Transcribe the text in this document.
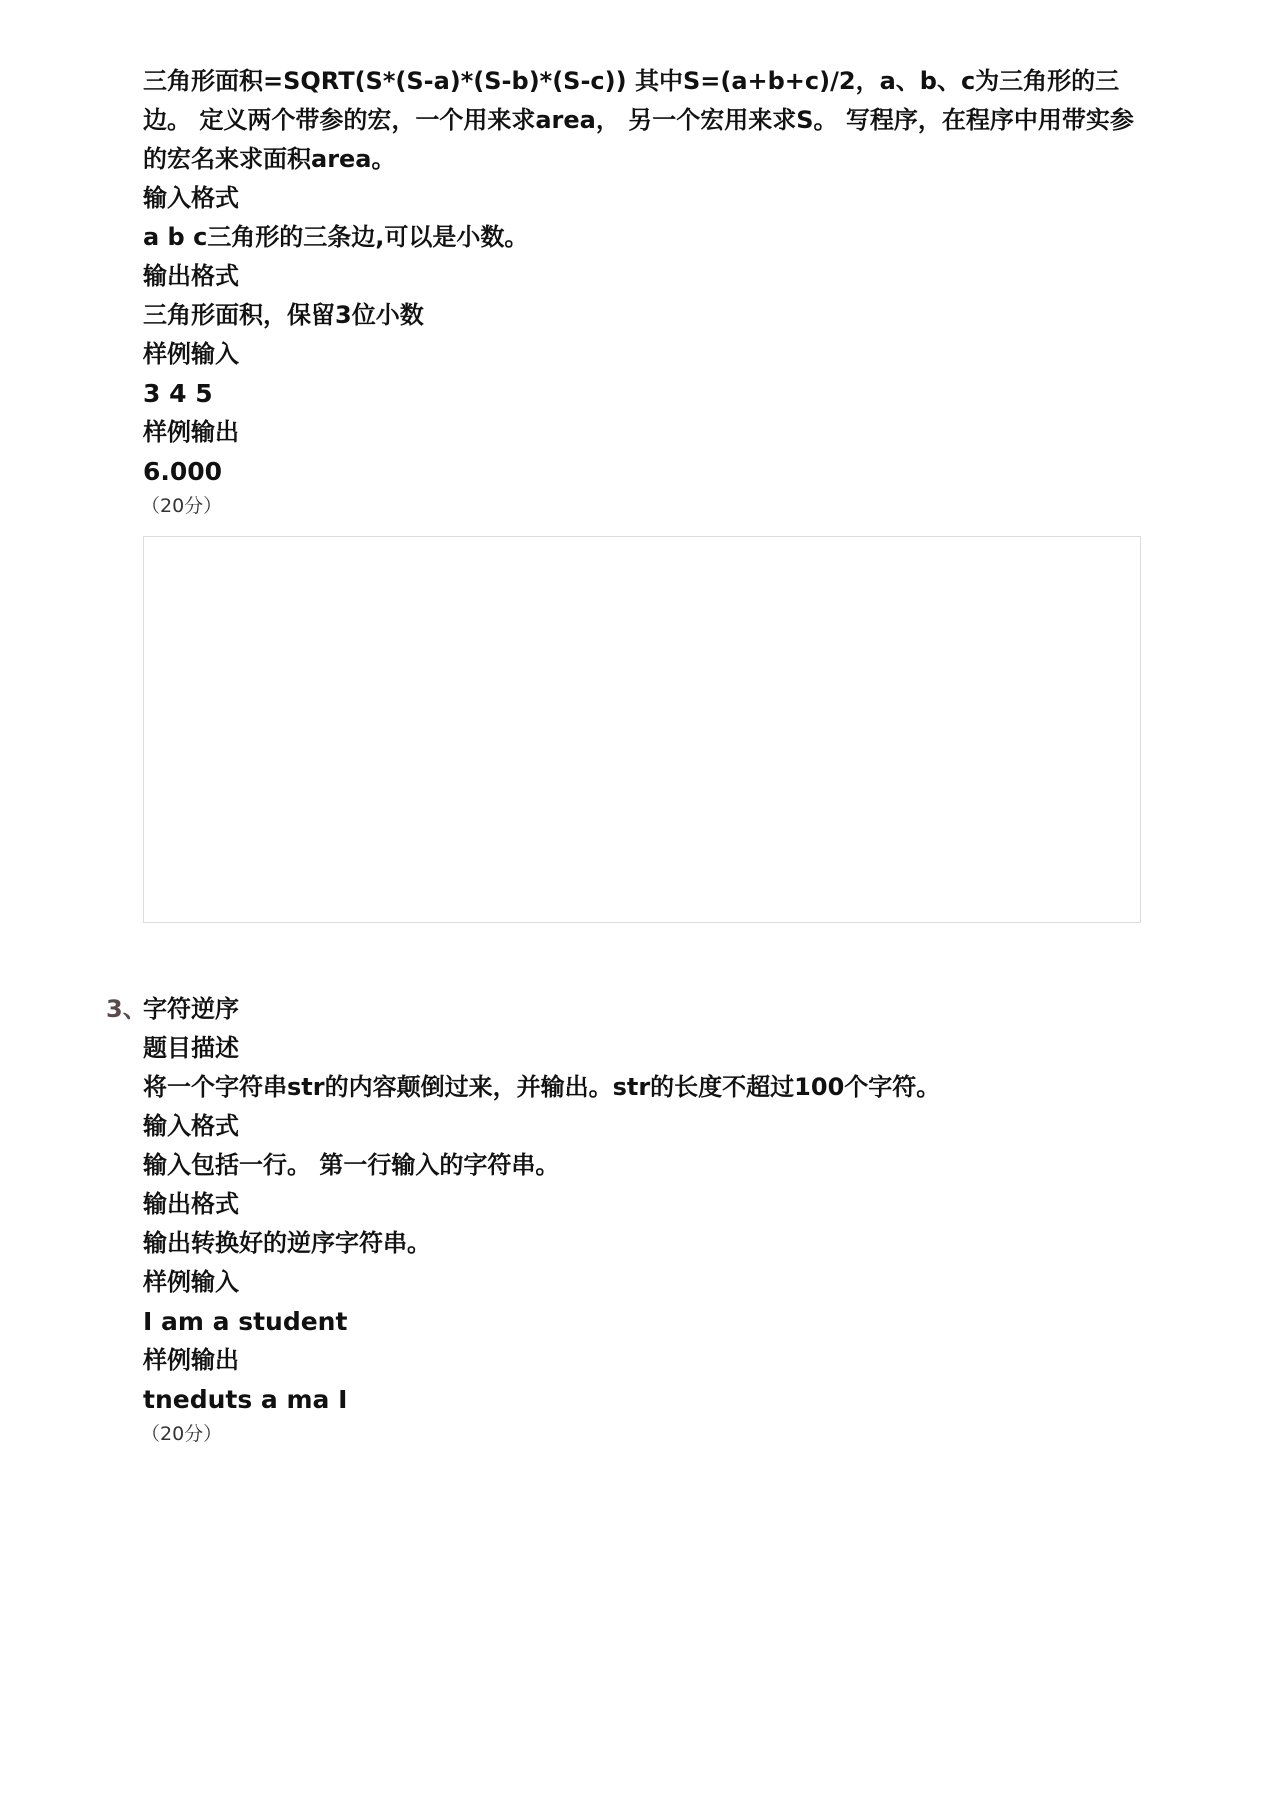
三角形面积=SQRT(S*(S-a)*(S-b)*(S-c)) 其中S=(a+b+c)/2，a、b、c为三角形的三边。 定义两个带参的宏，一个用来求area， 另一个宏用来求S。 写程序，在程序中用带实参的宏名来求面积area。
输入格式
a b c三角形的三条边,可以是小数。
输出格式
三角形面积，保留3位小数
样例输入
3 4 5
样例输出
6.000
（20分）
3、
字符逆序
题目描述
将一个字符串str的内容颠倒过来，并输出。str的长度不超过100个字符。
输入格式
输入包括一行。 第一行输入的字符串。
输出格式
输出转换好的逆序字符串。
样例输入
I am a student
样例输出
tneduts a ma I
（20分）
